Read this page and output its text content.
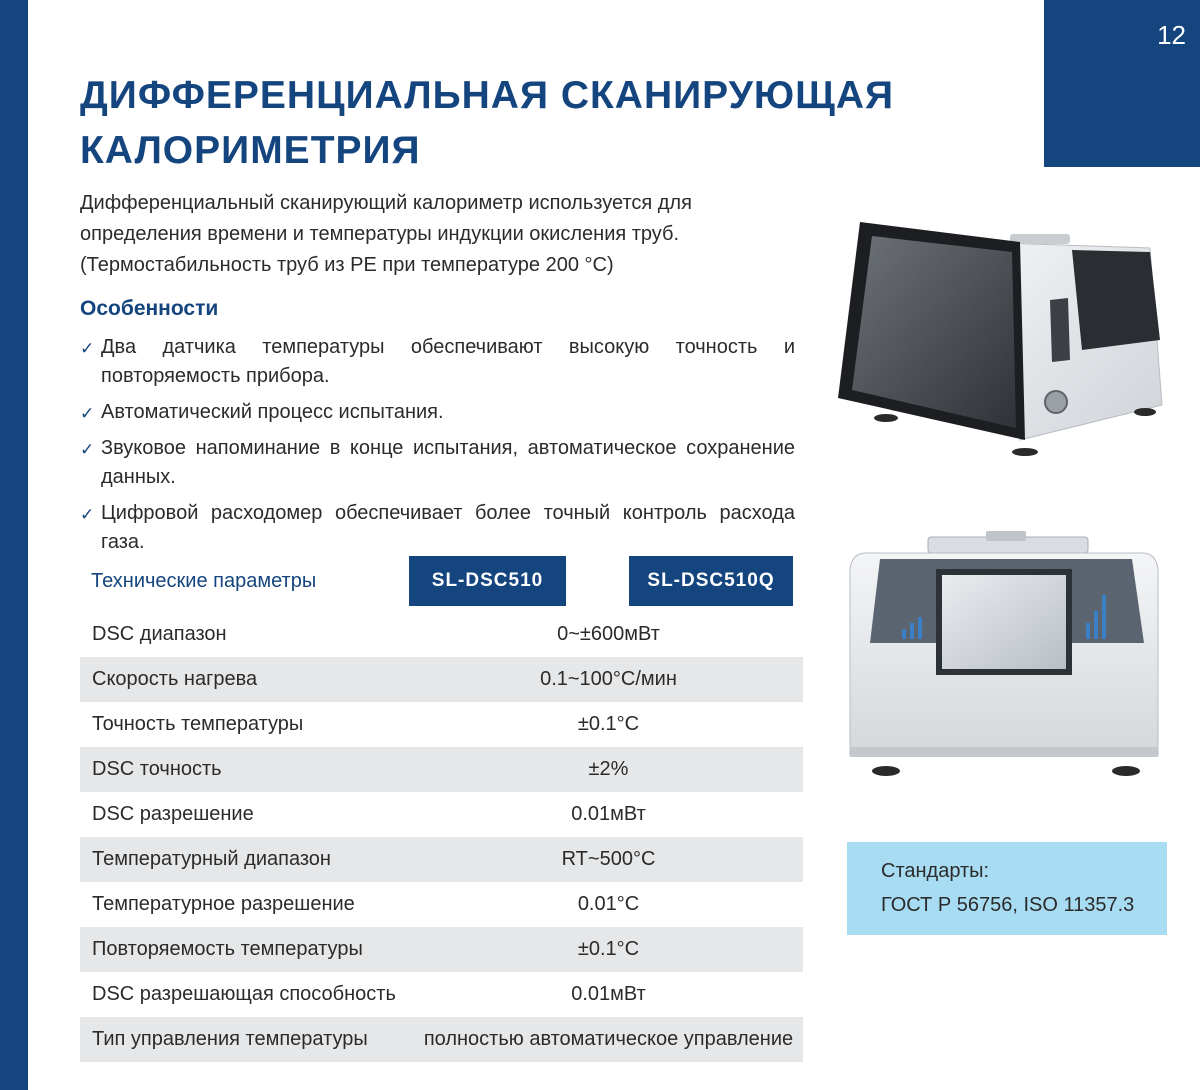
12
ДИФФЕРЕНЦИАЛЬНАЯ СКАНИРУЮЩАЯ
КАЛОРИМЕТРИЯ

Дифференциальный сканирующий калориметр используется для определения времени и температуры индукции окисления труб. (Термостабильность труб из PE при температуре 200 °C)

Особенности
✓ Два датчика температуры обеспечивают высокую точность и повторяемость прибора.
✓ Автоматический процесс испытания.
✓ Звуковое напоминание в конце испытания, автоматическое сохранение данных.
✓ Цифровой расходомер обеспечивает более точный контроль расхода газа.
Технические параметры	SL-DSC510	SL-DSC510Q
DSC диапазон	0~±600мВт
Скорость нагрева	0.1~100°С/мин
Точность температуры	±0.1°С
DSC точность	±2%
DSC разрешение	0.01мВт
Температурный диапазон	RT~500°C
Температурное разрешение	0.01°С
Повторяемость температуры	±0.1°С
DSC разрешающая способность	0.01мВт
Тип управления температуры	полностью автоматическое управление
Стандарты:
ГОСТ Р 56756, ISO 11357.3
